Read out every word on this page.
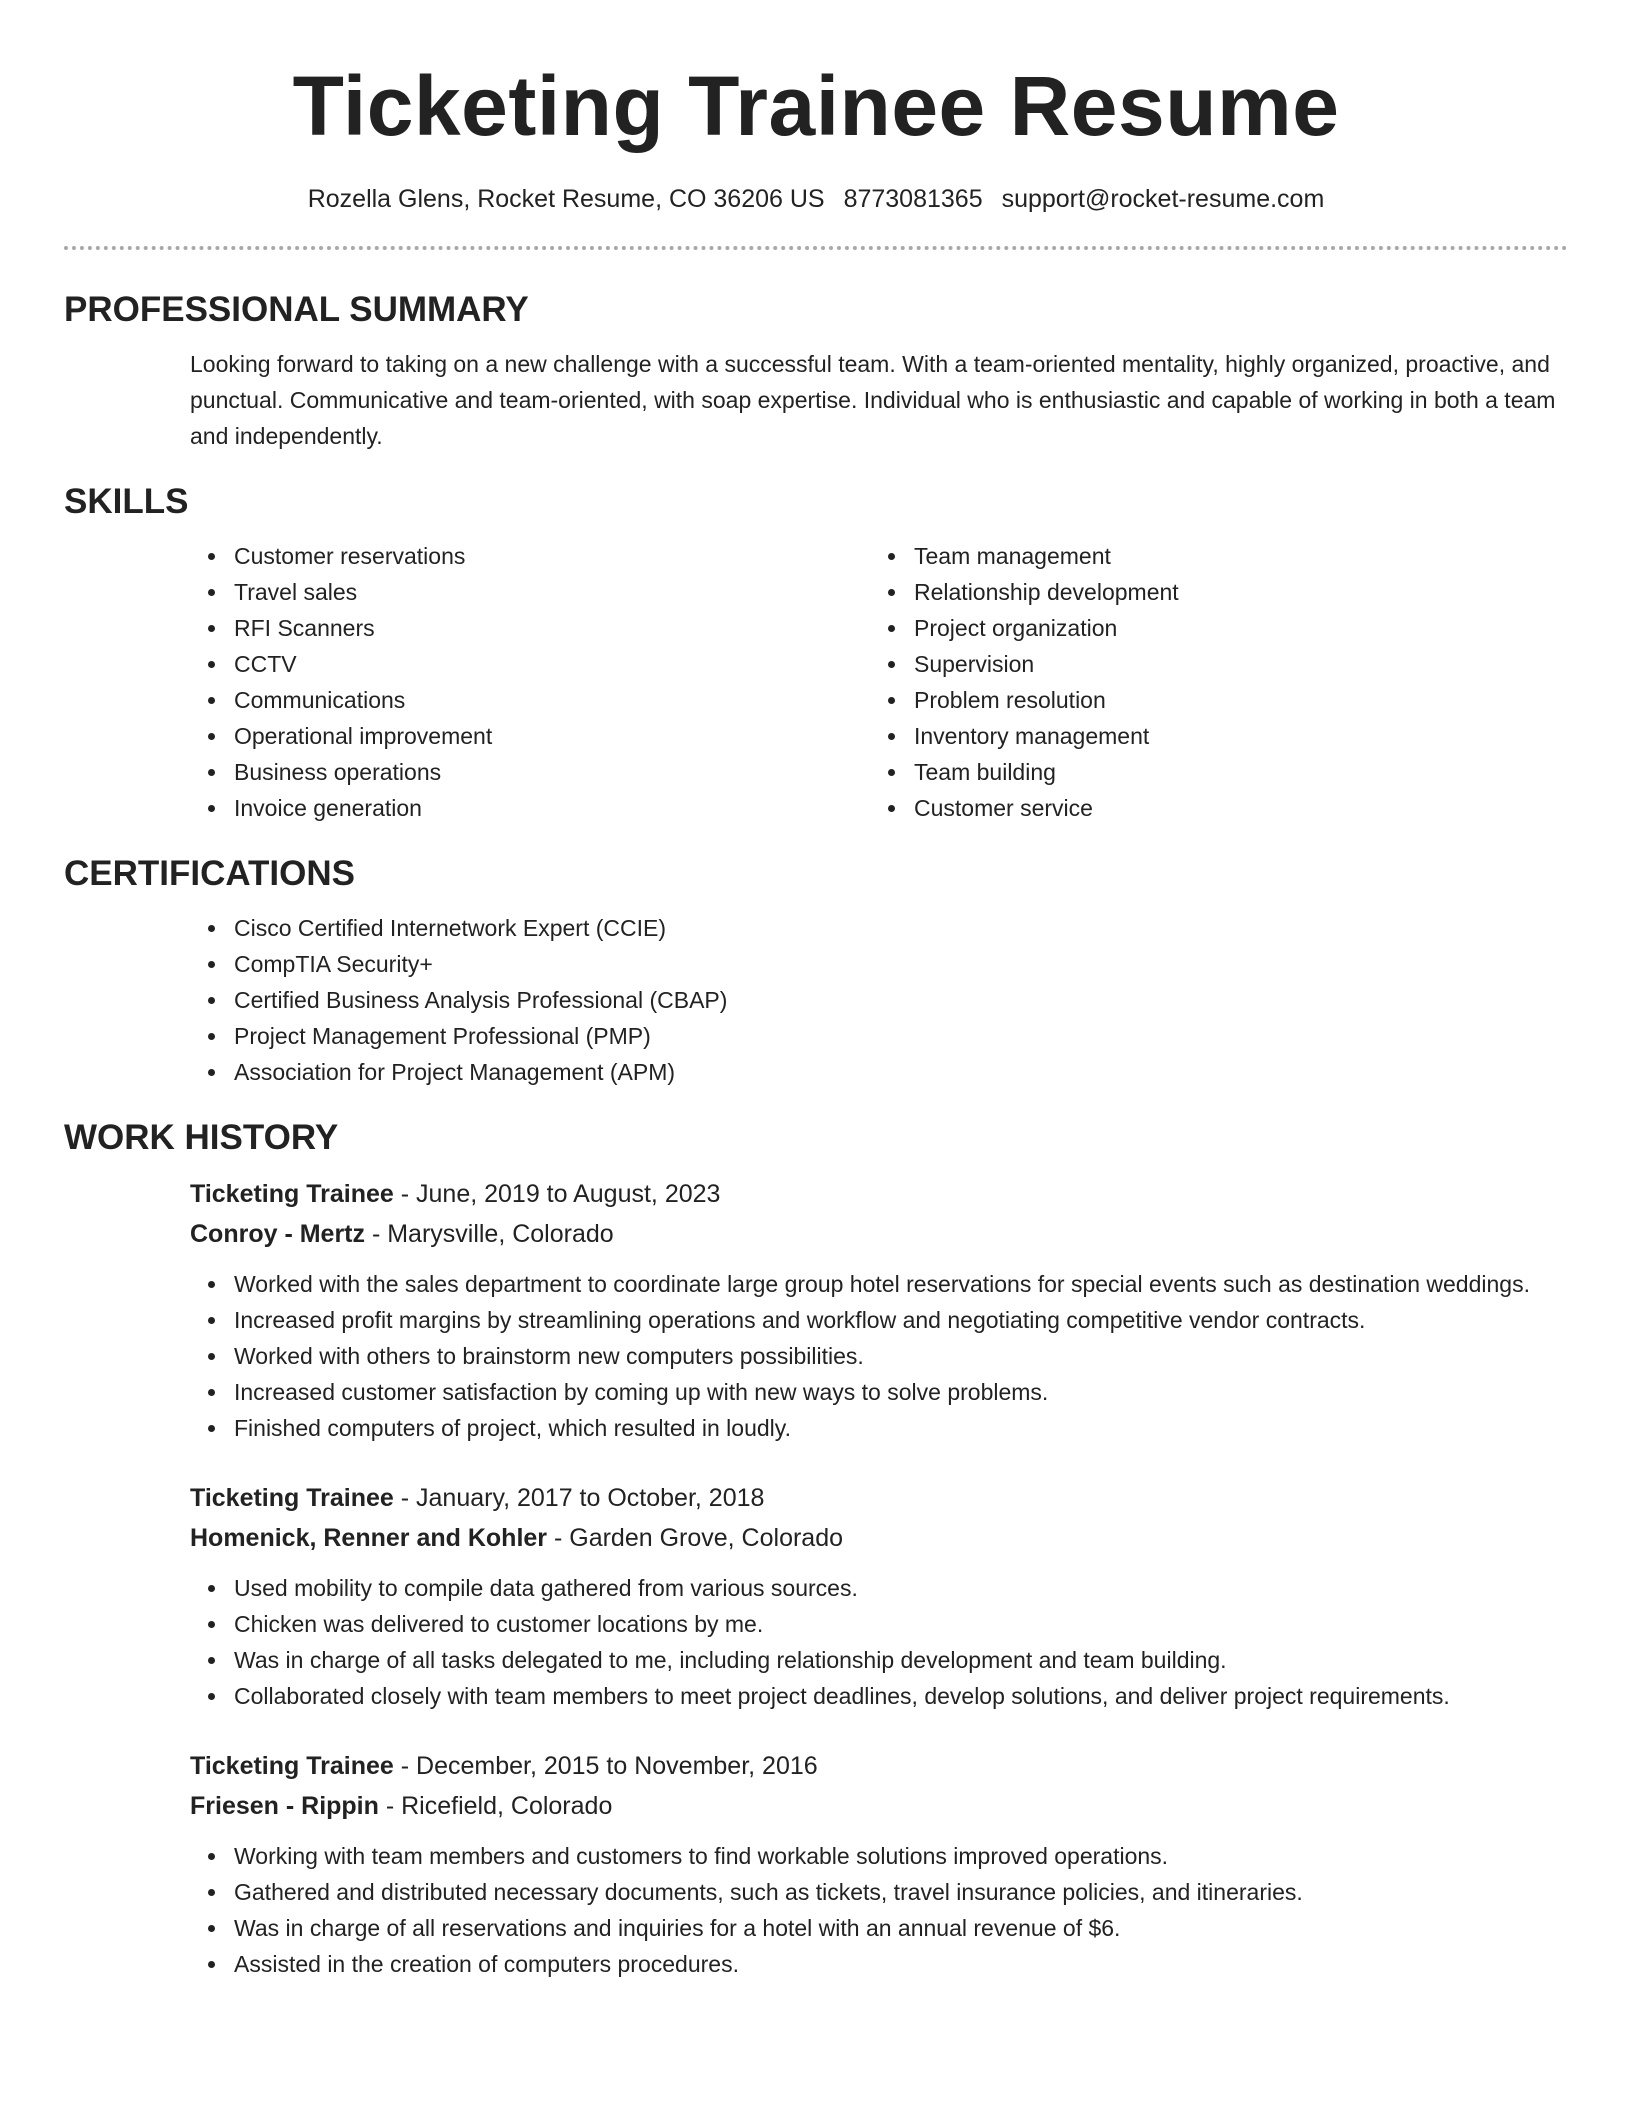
Ticketing Trainee Resume
Rozella Glens, Rocket Resume, CO 36206 US 8773081365 support@rocket-resume.com
PROFESSIONAL SUMMARY

Looking forward to taking on a new challenge with a successful team. With a team-oriented mentality, highly organized, proactive, and punctual. Communicative and team-oriented, with soap expertise. Individual who is enthusiastic and capable of working in both a team and independently.

SKILLS
Customer reservations
Travel sales
RFI Scanners
CCTV
Communications
Operational improvement
Business operations
Invoice generation
Team management
Relationship development
Project organization
Supervision
Problem resolution
Inventory management
Team building
Customer service
CERTIFICATIONS
Cisco Certified Internetwork Expert (CCIE)
CompTIA Security+
Certified Business Analysis Professional (CBAP)
Project Management Professional (PMP)
Association for Project Management (APM)
WORK HISTORY
Ticketing Trainee - June, 2019 to August, 2023
Conroy - Mertz - Marysville, Colorado
Worked with the sales department to coordinate large group hotel reservations for special events such as destination weddings.
Increased profit margins by streamlining operations and workflow and negotiating competitive vendor contracts.
Worked with others to brainstorm new computers possibilities.
Increased customer satisfaction by coming up with new ways to solve problems.
Finished computers of project, which resulted in loudly.
Ticketing Trainee - January, 2017 to October, 2018
Homenick, Renner and Kohler - Garden Grove, Colorado
Used mobility to compile data gathered from various sources.
Chicken was delivered to customer locations by me.
Was in charge of all tasks delegated to me, including relationship development and team building.
Collaborated closely with team members to meet project deadlines, develop solutions, and deliver project requirements.
Ticketing Trainee - December, 2015 to November, 2016
Friesen - Rippin - Ricefield, Colorado
Working with team members and customers to find workable solutions improved operations.
Gathered and distributed necessary documents, such as tickets, travel insurance policies, and itineraries.
Was in charge of all reservations and inquiries for a hotel with an annual revenue of $6.
Assisted in the creation of computers procedures.
